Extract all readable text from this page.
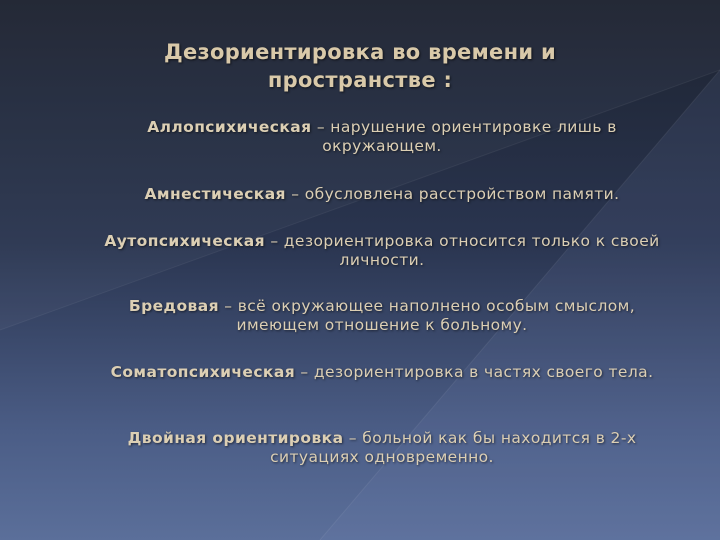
Дезориентировка во времени и
пространстве :
Аллопсихическая – нарушение ориентировке лишь в окружающем.
Амнестическая – обусловлена расстройством памяти.
Аутопсихическая – дезориентировка относится только к своей личности.
Бредовая – всё окружающее наполнено особым смыслом, имеющем отношение к больному.
Соматопсихическая – дезориентировка в частях своего тела.
Двойная ориентировка – больной как бы находится в 2-х ситуациях одновременно.
